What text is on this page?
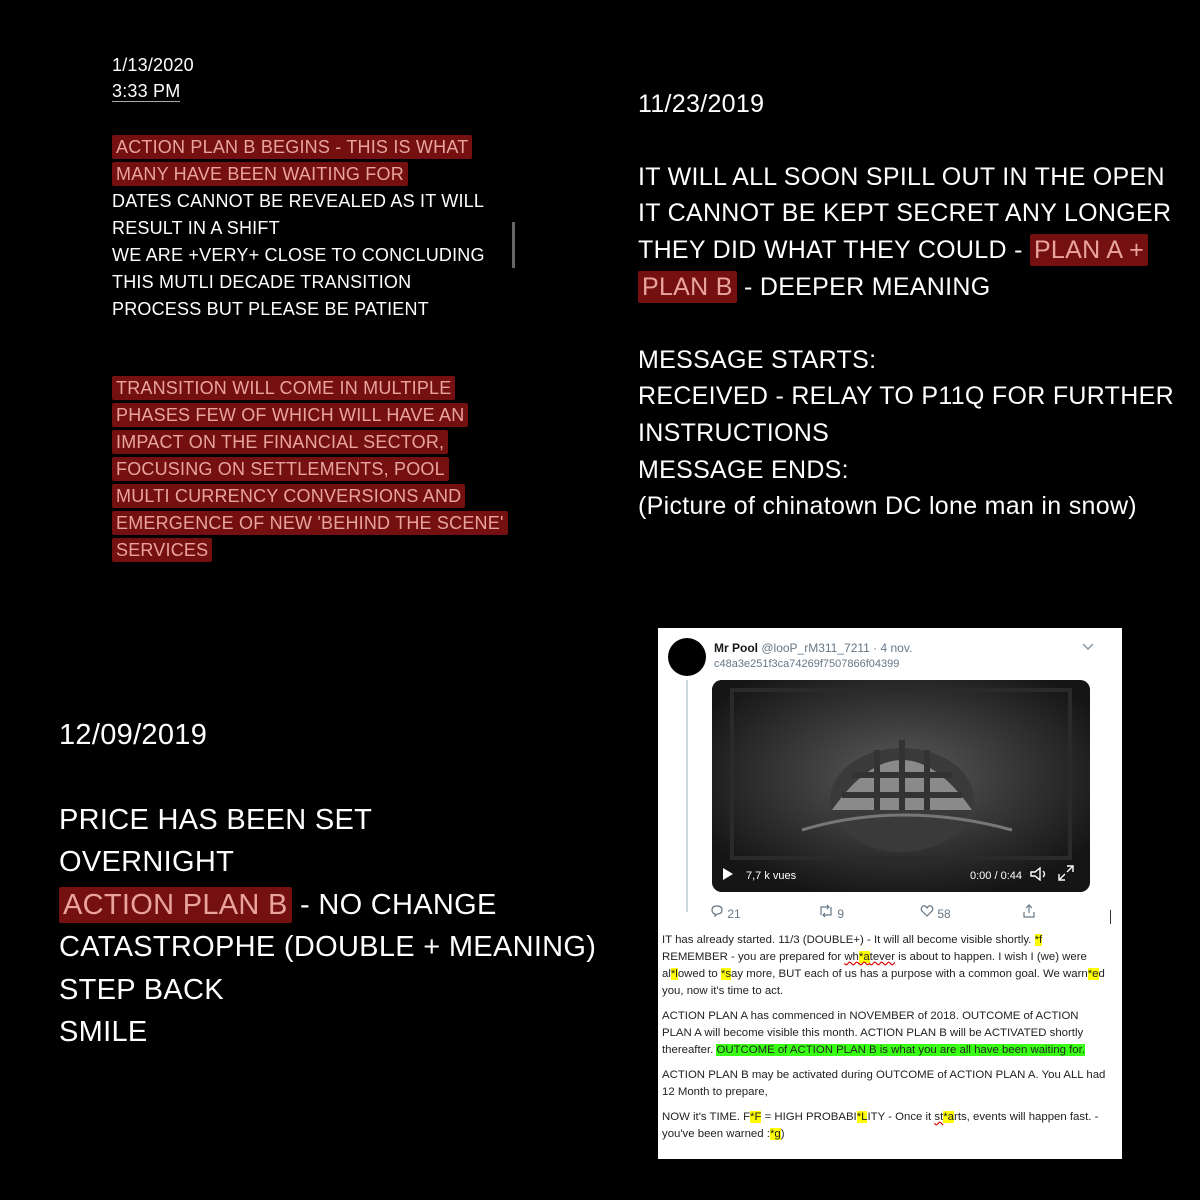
1/13/2020
3:33 PM
ACTION PLAN B BEGINS - THIS IS WHAT
MANY HAVE BEEN WAITING FOR
DATES CANNOT BE REVEALED AS IT WILL
RESULT IN A SHIFT
WE ARE +VERY+ CLOSE TO CONCLUDING
THIS MUTLI DECADE TRANSITION
PROCESS BUT PLEASE BE PATIENT
TRANSITION WILL COME IN MULTIPLE
PHASES FEW OF WHICH WILL HAVE AN
IMPACT ON THE FINANCIAL SECTOR,
FOCUSING ON SETTLEMENTS, POOL
MULTI CURRENCY CONVERSIONS AND
EMERGENCE OF NEW 'BEHIND THE SCENE'
SERVICES
11/23/2019
IT WILL ALL SOON SPILL OUT IN THE OPEN
IT CANNOT BE KEPT SECRET ANY LONGER
THEY DID WHAT THEY COULD - PLAN A +
PLAN B - DEEPER MEANING
MESSAGE STARTS:
RECEIVED - RELAY TO P11Q FOR FURTHER
INSTRUCTIONS
MESSAGE ENDS:
(Picture of chinatown DC lone man in snow)
12/09/2019
PRICE HAS BEEN SET
OVERNIGHT
ACTION PLAN B - NO CHANGE
CATASTROPHE (DOUBLE + MEANING)
STEP BACK
SMILE
Mr Pool @looP_rM311_7211 · 4 nov.
c48a3e251f3ca74269f7507866f04399
7,7 k vues	0:00 / 0:44
21	9	58

IT has already started. 11/3 (DOUBLE+) - It will all become visible shortly. *f REMEMBER - you are prepared for wh*atever is about to happen. I wish I (we) were al*lowed to *say more, BUT each of us has a purpose with a common goal. We warn*ed you, now it's time to act.

ACTION PLAN A has commenced in NOVEMBER of 2018. OUTCOME of ACTION PLAN A will become visible this month. ACTION PLAN B will be ACTIVATED shortly thereafter. OUTCOME of ACTION PLAN B is what you are all have been waiting for.

ACTION PLAN B may be activated during OUTCOME of ACTION PLAN A. You ALL had 12 Month to prepare,

NOW it's TIME. F*F = HIGH PROBABI*LITY - Once it st*arts, events will happen fast. - you've been warned :*g)
